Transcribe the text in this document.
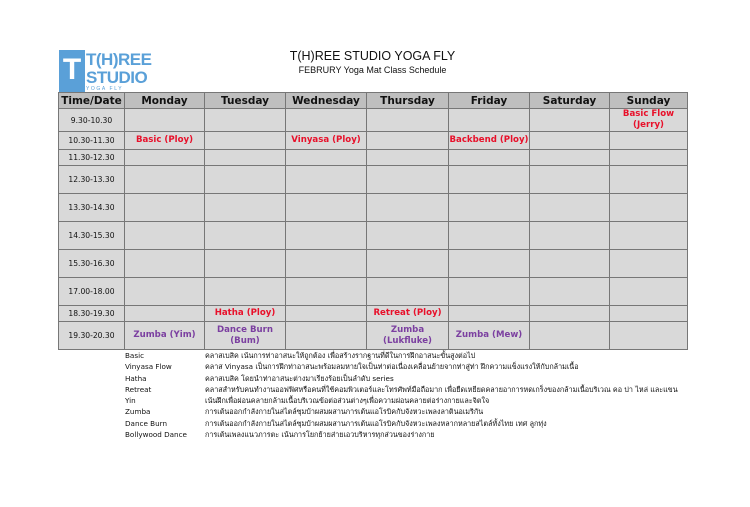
T T(H)REE
STUDIO
YOGA FLY
T(H)REE STUDIO YOGA FLY
FEBRURY Yoga Mat Class Schedule
Time/Date	Monday	Tuesday	Wednesday	Thursday	Friday	Saturday	Sunday
9.30-10.30							Basic Flow (Jerry)

10.30-11.30	Basic (Ploy)		Vinyasa (Ploy)		Backbend (Ploy)		

11.30-12.30							
12.30-13.30							
13.30-14.30							
14.30-15.30							
15.30-16.30							
17.00-18.00							
18.30-19.30		Hatha (Ploy)		Retreat (Ploy)			

19.30-20.30	Zumba (Yim)	Dance Burn (Bum)		Zumba (Lukfluke)	Zumba (Mew)		

Basic	คลาสเบสิค เน้นการท่าอาสนะให้ถูกต้อง เพื่อสร้างรากฐานที่ดีในการฝึกอาสนะขั้นสูงต่อไป
Vinyasa Flow	คลาส Vinyasa เป็นการฝึกท่าอาสนะพร้อมลมหายใจเป็นท่าต่อเนื่องเคลื่อนย้ายจากท่าสู่ท่า ฝึกความแข็งแรงให้กับกล้ามเนื้อ
Hatha	คลาสเบสิค โดยนำท่าอาสนะต่างมาเรียงร้อยเป็นลำดับ series
Retreat	คลาสสำหรับคนทำงานออฟฟิศหรือคนที่ใช้คอมพิวเตอร์และโทรศัพท์มือถือมาก เพื่อยืดเหยียดคลายอาการหดเกร็งของกล้ามเนื้อบริเวณ คอ บ่า ไหล่ และแขน
Yin	เน้นฝึกเพื่อผ่อนคลายกล้ามเนื้อบริเวณข้อต่อส่วนต่างๆเพื่อความผ่อนคลายต่อร่างกายและจิตใจ
Zumba	การเต้นออกกำลังกายในสไตล์ซุมบ้าผสมผสานการเต้นแอโรบิคกับจังหวะเพลงลาตินอเมริกัน
Dance Burn	การเต้นออกกำลังกายในสไตล์ซุมบ้าผสมผสานการเต้นแอโรบิคกับจังหวะเพลงหลากหลายสไตล์ทั้งไทย เทศ ลูกทุ่ง
Bollywood Dance	การเต้นเพลงแนวภารตะ เน้นการโยกย้ายส่ายเอวบริหารทุกส่วนของร่างกาย
